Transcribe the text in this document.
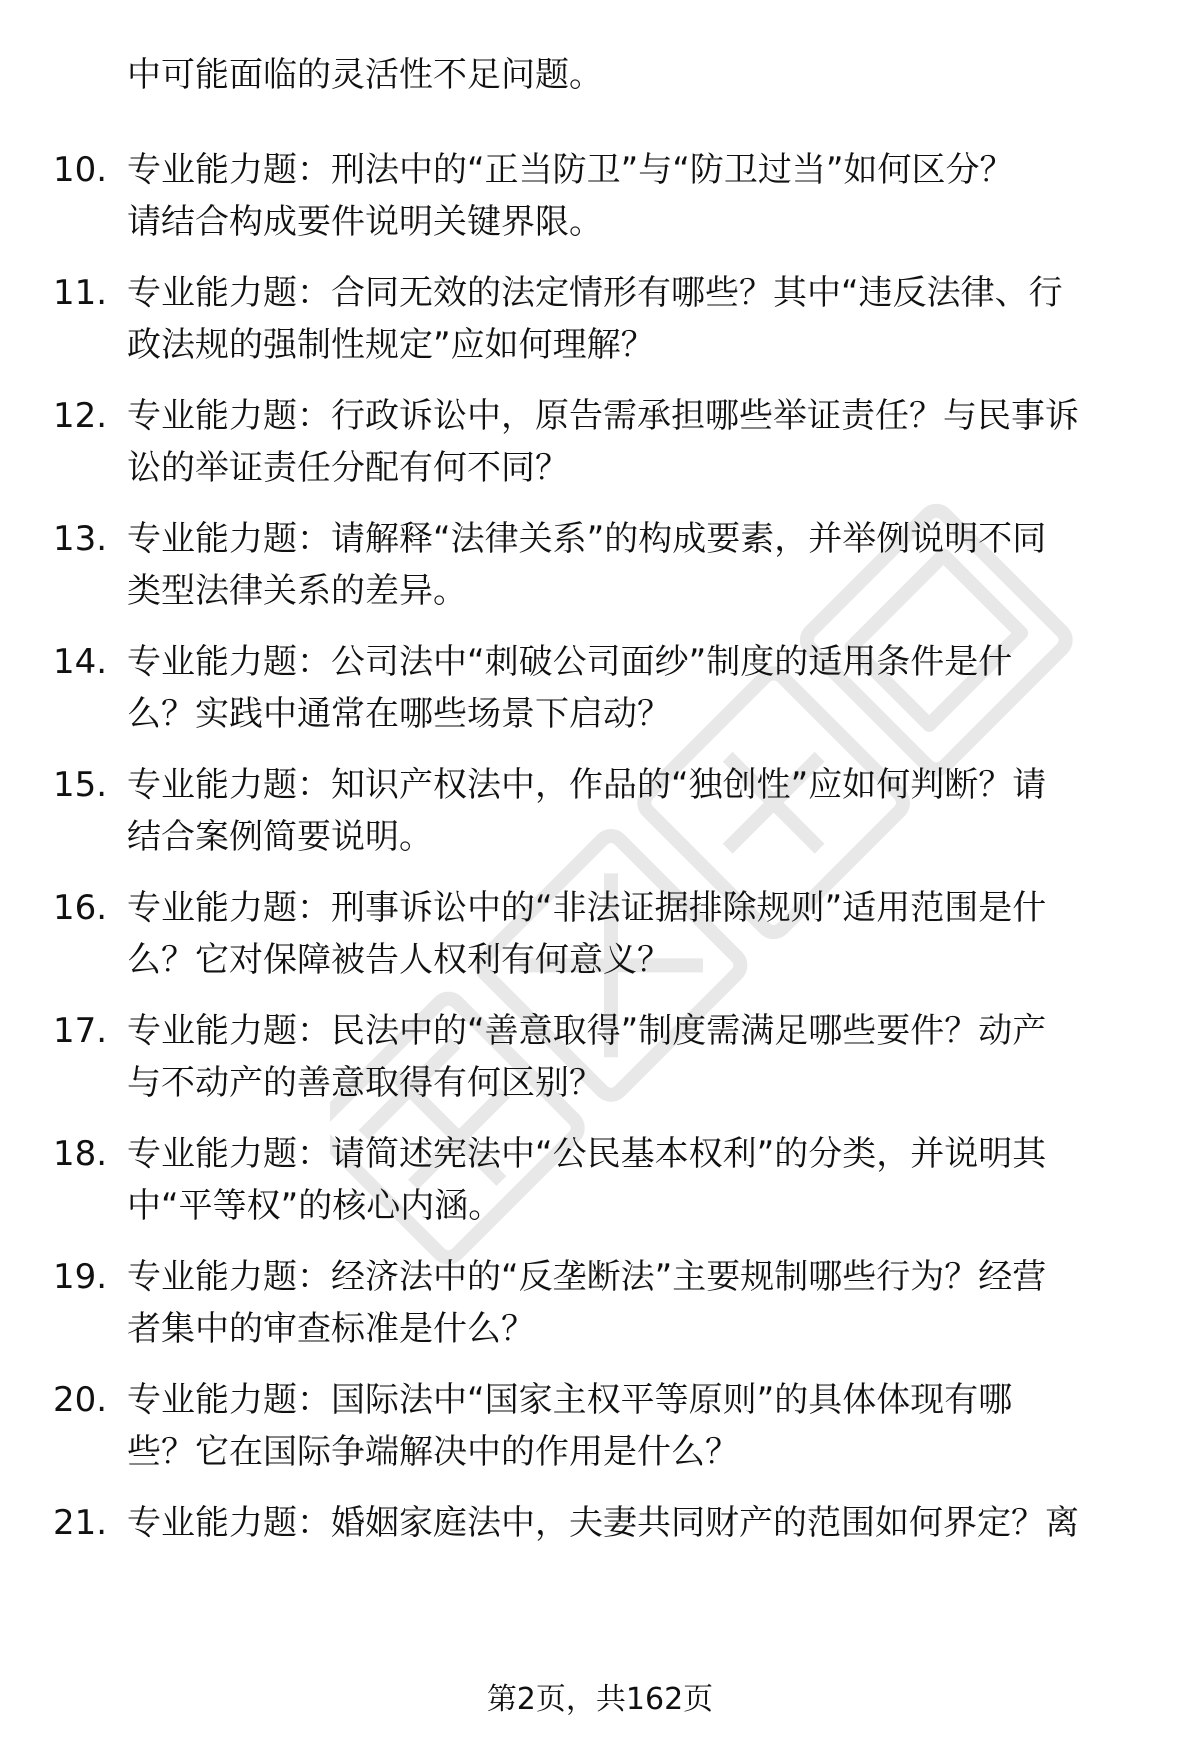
中可能面临的灵活性不足问题。
10. 专业能力题：刑法中的“正当防卫”与“防卫过当”如何区分？
请结合构成要件说明关键界限。
11. 专业能力题：合同无效的法定情形有哪些？其中“违反法律、行
政法规的强制性规定”应如何理解？
12. 专业能力题：行政诉讼中，原告需承担哪些举证责任？与民事诉
讼的举证责任分配有何不同？
13. 专业能力题：请解释“法律关系”的构成要素，并举例说明不同
类型法律关系的差异。
14. 专业能力题：公司法中“刺破公司面纱”制度的适用条件是什
么？实践中通常在哪些场景下启动？
15. 专业能力题：知识产权法中，作品的“独创性”应如何判断？请
结合案例简要说明。
16. 专业能力题：刑事诉讼中的“非法证据排除规则”适用范围是什
么？它对保障被告人权利有何意义？
17. 专业能力题：民法中的“善意取得”制度需满足哪些要件？动产
与不动产的善意取得有何区别？
18. 专业能力题：请简述宪法中“公民基本权利”的分类，并说明其
中“平等权”的核心内涵。
19. 专业能力题：经济法中的“反垄断法”主要规制哪些行为？经营
者集中的审查标准是什么？
20. 专业能力题：国际法中“国家主权平等原则”的具体体现有哪
些？它在国际争端解决中的作用是什么？
21. 专业能力题：婚姻家庭法中，夫妻共同财产的范围如何界定？离
第2页，共162页
